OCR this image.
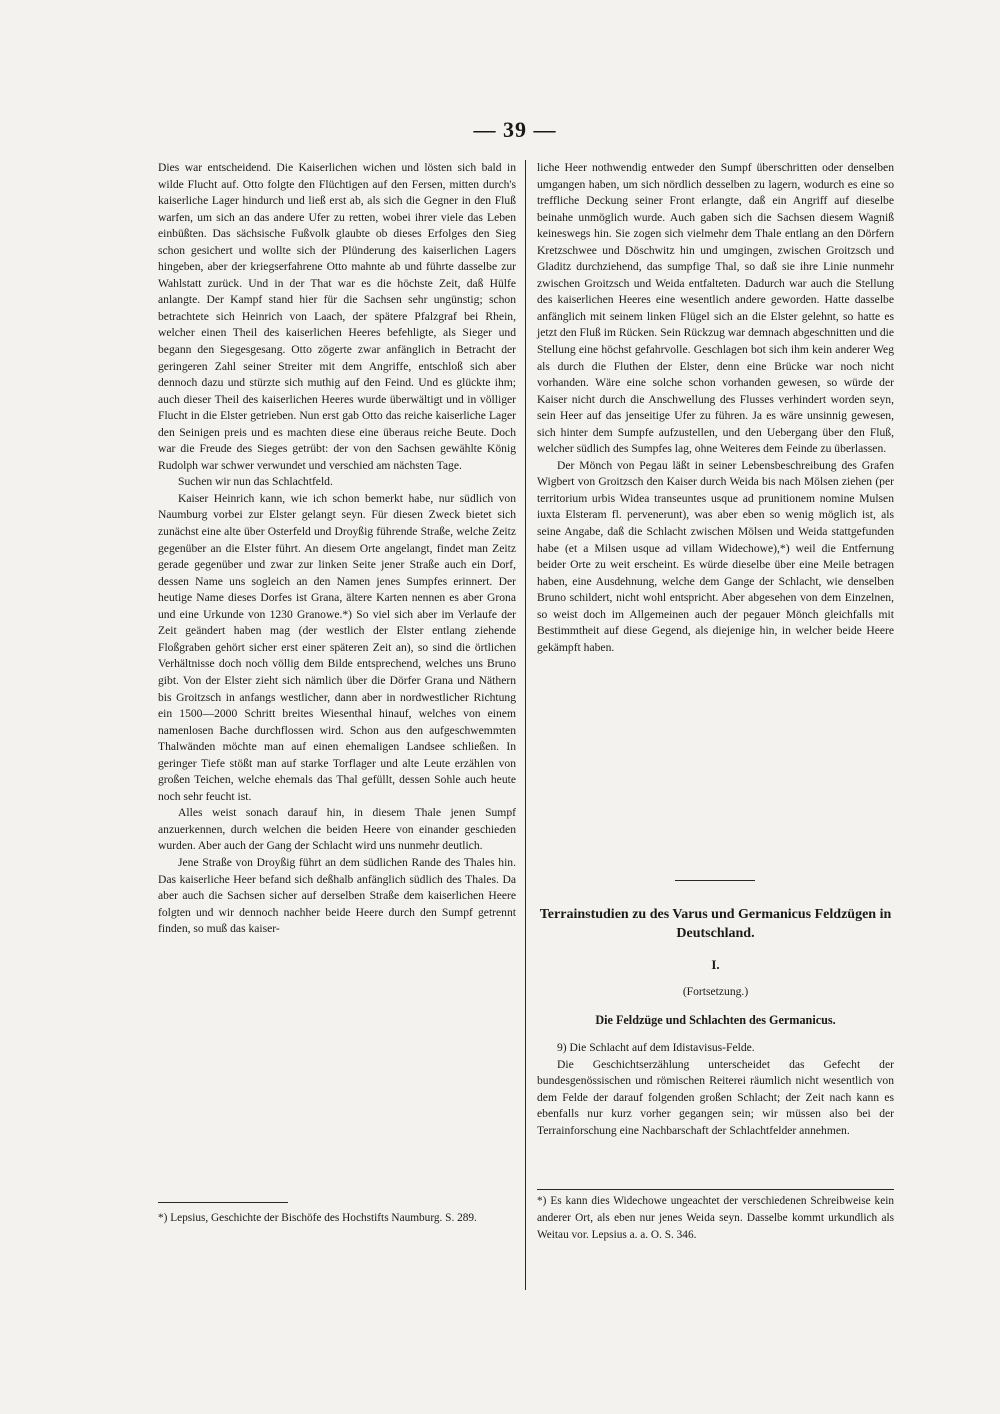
— 39 —

Dies war entscheidend. Die Kaiserlichen wichen und lösten sich bald in wilde Flucht auf. Otto folgte den Flüchtigen auf den Fersen, mitten durch's kaiserliche Lager hindurch und ließ erst ab, als sich die Gegner in den Fluß warfen, um sich an das andere Ufer zu retten, wobei ihrer viele das Leben einbüßten. Das sächsische Fußvolk glaubte ob dieses Erfolges den Sieg schon gesichert und wollte sich der Plünderung des kaiserlichen Lagers hingeben, aber der kriegserfahrene Otto mahnte ab und führte dasselbe zur Wahlstatt zurück. Und in der That war es die höchste Zeit, daß Hülfe anlangte. Der Kampf stand hier für die Sachsen sehr ungünstig; schon betrachtete sich Heinrich von Laach, der spätere Pfalzgraf bei Rhein, welcher einen Theil des kaiserlichen Heeres befehligte, als Sieger und begann den Siegesgesang. Otto zögerte zwar anfänglich in Betracht der geringeren Zahl seiner Streiter mit dem Angriffe, entschloß sich aber dennoch dazu und stürzte sich muthig auf den Feind. Und es glückte ihm; auch dieser Theil des kaiserlichen Heeres wurde überwältigt und in völliger Flucht in die Elster getrieben. Nun erst gab Otto das reiche kaiserliche Lager den Seinigen preis und es machten diese eine überaus reiche Beute. Doch war die Freude des Sieges getrübt: der von den Sachsen gewählte König Rudolph war schwer verwundet und verschied am nächsten Tage.

Suchen wir nun das Schlachtfeld.

Kaiser Heinrich kann, wie ich schon bemerkt habe, nur südlich von Naumburg vorbei zur Elster gelangt seyn. Für diesen Zweck bietet sich zunächst eine alte über Osterfeld und Droyßig führende Straße, welche Zeitz gegenüber an die Elster führt. An diesem Orte angelangt, findet man Zeitz gerade gegenüber und zwar zur linken Seite jener Straße auch ein Dorf, dessen Name uns sogleich an den Namen jenes Sumpfes erinnert. Der heutige Name dieses Dorfes ist Grana, ältere Karten nennen es aber Grona und eine Urkunde von 1230 Granowe.*) So viel sich aber im Verlaufe der Zeit geändert haben mag (der westlich der Elster entlang ziehende Floßgraben gehört sicher erst einer späteren Zeit an), so sind die örtlichen Verhältnisse doch noch völlig dem Bilde entsprechend, welches uns Bruno gibt. Von der Elster zieht sich nämlich über die Dörfer Grana und Näthern bis Groitzsch in anfangs westlicher, dann aber in nordwestlicher Richtung ein 1500—2000 Schritt breites Wiesenthal hinauf, welches von einem namenlosen Bache durchflossen wird. Schon aus den aufgeschwemmten Thalwänden möchte man auf einen ehemaligen Landsee schließen. In geringer Tiefe stößt man auf starke Torflager und alte Leute erzählen von großen Teichen, welche ehemals das Thal gefüllt, dessen Sohle auch heute noch sehr feucht ist.

Alles weist sonach darauf hin, in diesem Thale jenen Sumpf anzuerkennen, durch welchen die beiden Heere von einander geschieden wurden. Aber auch der Gang der Schlacht wird uns nunmehr deutlich.

Jene Straße von Droyßig führt an dem südlichen Rande des Thales hin. Das kaiserliche Heer befand sich deßhalb anfänglich südlich des Thales. Da aber auch die Sachsen sicher auf derselben Straße dem kaiserlichen Heere folgten und wir dennoch nachher beide Heere durch den Sumpf getrennt finden, so muß das kaiser-

*) Lepsius, Geschichte der Bischöfe des Hochstifts Naumburg. S. 289.

liche Heer nothwendig entweder den Sumpf überschritten oder denselben umgangen haben, um sich nördlich desselben zu lagern, wodurch es eine so treffliche Deckung seiner Front erlangte, daß ein Angriff auf dieselbe beinahe unmöglich wurde. Auch gaben sich die Sachsen diesem Wagniß keineswegs hin. Sie zogen sich vielmehr dem Thale entlang an den Dörfern Kretzschwee und Döschwitz hin und umgingen, zwischen Groitzsch und Gladitz durchziehend, das sumpfige Thal, so daß sie ihre Linie nunmehr zwischen Groitzsch und Weida entfalteten. Dadurch war auch die Stellung des kaiserlichen Heeres eine wesentlich andere geworden. Hatte dasselbe anfänglich mit seinem linken Flügel sich an die Elster gelehnt, so hatte es jetzt den Fluß im Rücken. Sein Rückzug war demnach abgeschnitten und die Stellung eine höchst gefahrvolle. Geschlagen bot sich ihm kein anderer Weg als durch die Fluthen der Elster, denn eine Brücke war noch nicht vorhanden. Wäre eine solche schon vorhanden gewesen, so würde der Kaiser nicht durch die Anschwellung des Flusses verhindert worden seyn, sein Heer auf das jenseitige Ufer zu führen. Ja es wäre unsinnig gewesen, sich hinter dem Sumpfe aufzustellen, und den Uebergang über den Fluß, welcher südlich des Sumpfes lag, ohne Weiteres dem Feinde zu überlassen.

Der Mönch von Pegau läßt in seiner Lebensbeschreibung des Grafen Wigbert von Groitzsch den Kaiser durch Weida bis nach Mölsen ziehen (per territorium urbis Widea transeuntes usque ad prunitionem nomine Mulsen iuxta Elsteram fl. pervenerunt), was aber eben so wenig möglich ist, als seine Angabe, daß die Schlacht zwischen Mölsen und Weida stattgefunden habe (et a Milsen usque ad villam Widechowe),*) weil die Entfernung beider Orte zu weit erscheint. Es würde dieselbe über eine Meile betragen haben, eine Ausdehnung, welche dem Gange der Schlacht, wie denselben Bruno schildert, nicht wohl entspricht. Aber abgesehen von dem Einzelnen, so weist doch im Allgemeinen auch der pegauer Mönch gleichfalls mit Bestimmtheit auf diese Gegend, als diejenige hin, in welcher beide Heere gekämpft haben.

Terrainstudien zu des Varus und Germanicus Feldzügen in Deutschland.
I.
(Fortsetzung.)
Die Feldzüge und Schlachten des Germanicus.

9) Die Schlacht auf dem Idistavisus-Felde.

Die Geschichtserzählung unterscheidet das Gefecht der bundesgenössischen und römischen Reiterei räumlich nicht wesentlich von dem Felde der darauf folgenden großen Schlacht; der Zeit nach kann es ebenfalls nur kurz vorher gegangen sein; wir müssen also bei der Terrainforschung eine Nachbarschaft der Schlachtfelder annehmen.

*) Es kann dies Widechowe ungeachtet der verschiedenen Schreibweise kein anderer Ort, als eben nur jenes Weida seyn. Dasselbe kommt urkundlich als Weitau vor. Lepsius a. a. O. S. 346.
